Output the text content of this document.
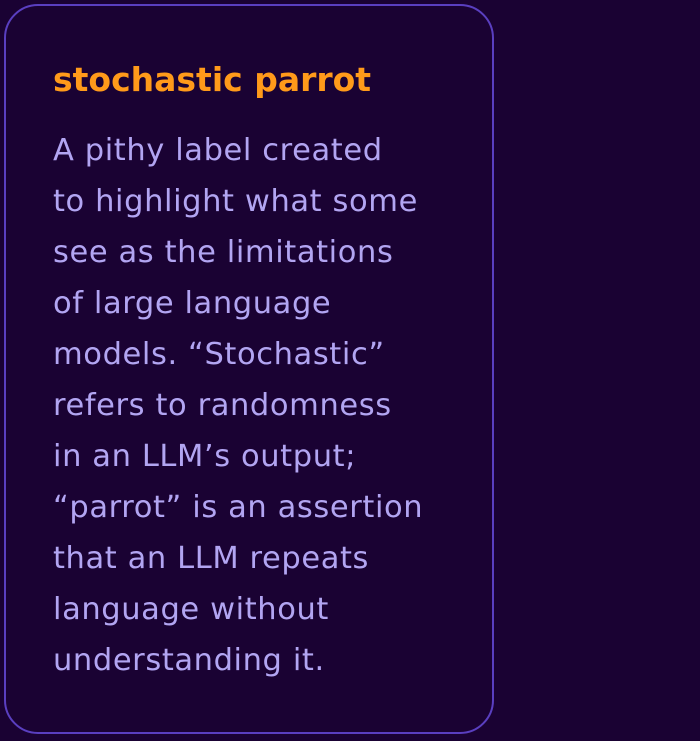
stochastic parrot

A pithy label created
to highlight what some
see as the limitations
of large language
models. “Stochastic”
refers to randomness
in an LLM’s output;
“parrot” is an assertion
that an LLM repeats
language without
understanding it.
